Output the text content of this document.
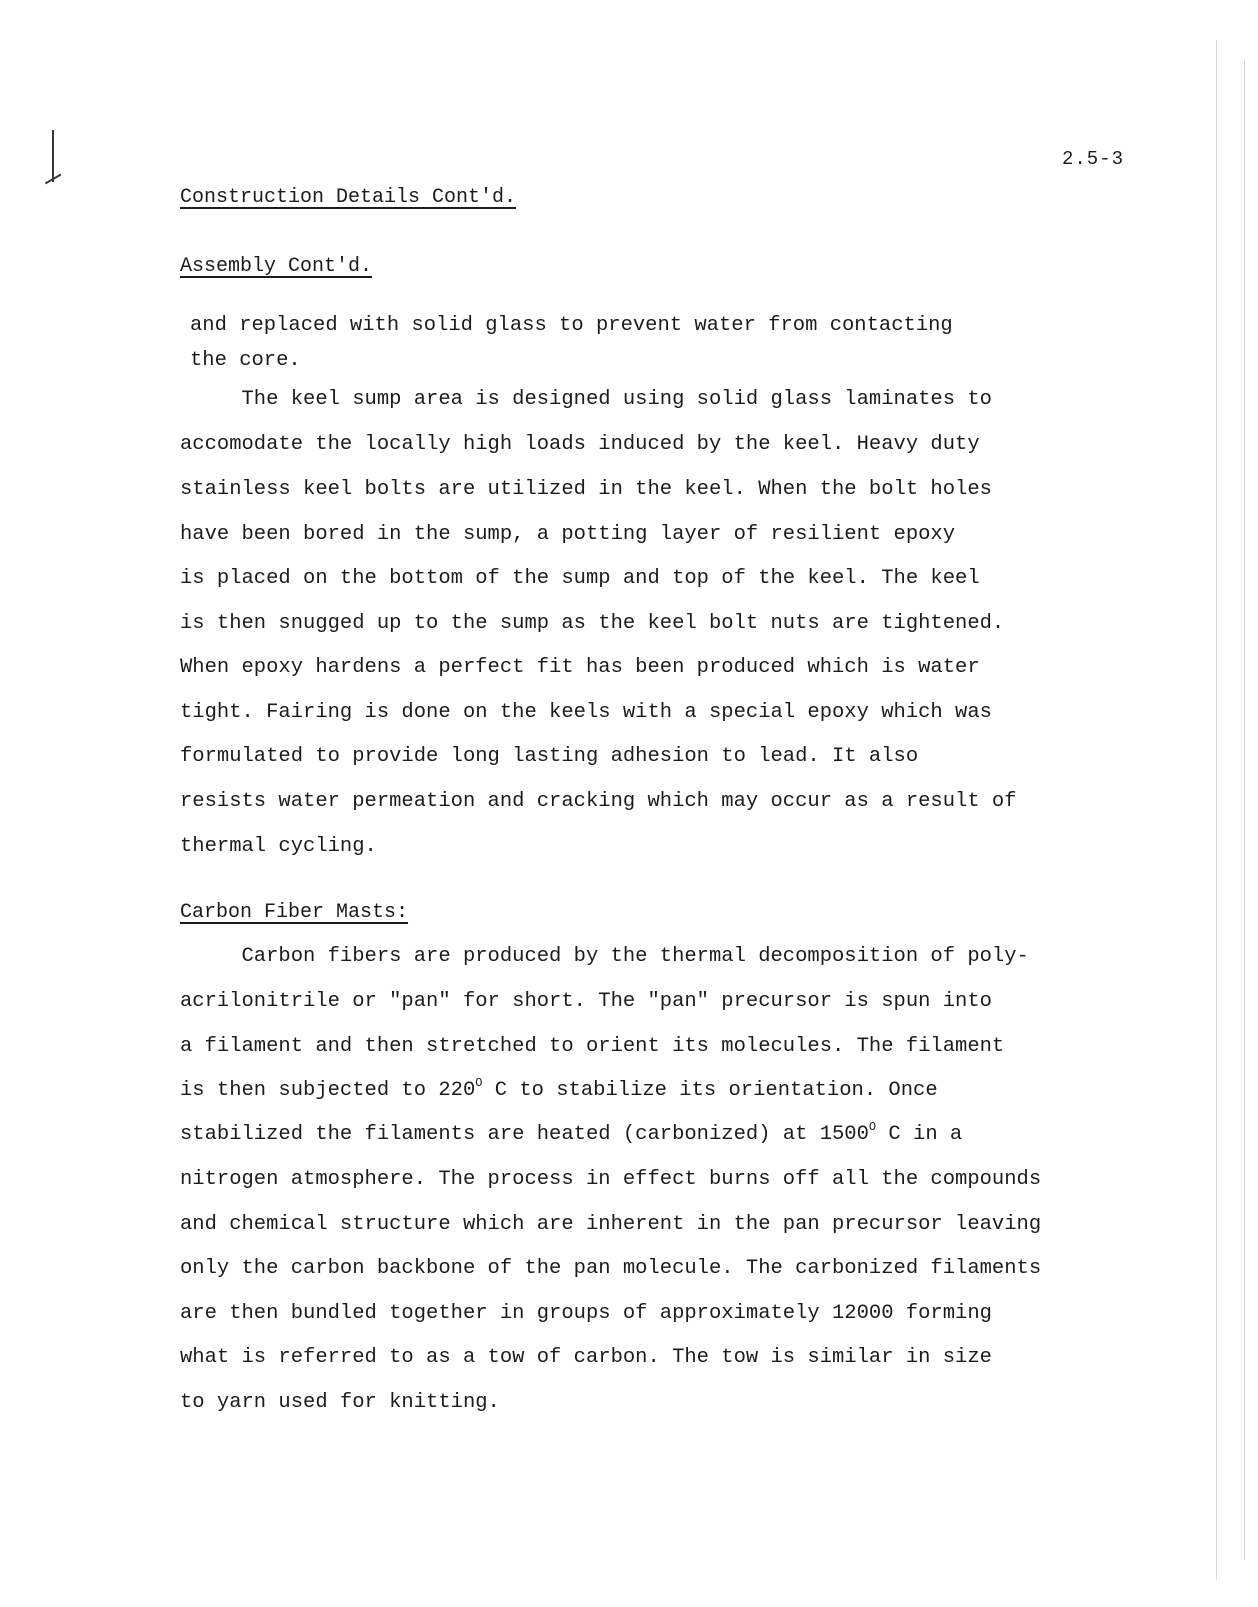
2.5-3
Construction Details Cont'd.
Assembly Cont'd.
and replaced with solid glass to prevent water from contacting
the core.
The keel sump area is designed using solid glass laminates to
accomodate the locally high loads induced by the keel. Heavy duty
stainless keel bolts are utilized in the keel. When the bolt holes
have been bored in the sump, a potting layer of resilient epoxy
is placed on the bottom of the sump and top of the keel. The keel
is then snugged up to the sump as the keel bolt nuts are tightened.
When epoxy hardens a perfect fit has been produced which is water
tight. Fairing is done on the keels with a special epoxy which was
formulated to provide long lasting adhesion to lead. It also
resists water permeation and cracking which may occur as a result of
thermal cycling.
Carbon Fiber Masts:
Carbon fibers are produced by the thermal decomposition of poly-
acrilonitrile or "pan" for short. The "pan" precursor is spun into
a filament and then stretched to orient its molecules. The filament
is then subjected to $220^O$ C to stabilize its orientation. Once
stabilized the filaments are heated (carbonized) at $1500^O$ C in a
nitrogen atmosphere. The process in effect burns off all the compounds
and chemical structure which are inherent in the pan precursor leaving
only the carbon backbone of the pan molecule. The carbonized filaments
are then bundled together in groups of approximately 12000 forming
what is referred to as a tow of carbon. The tow is similar in size
to yarn used for knitting.
